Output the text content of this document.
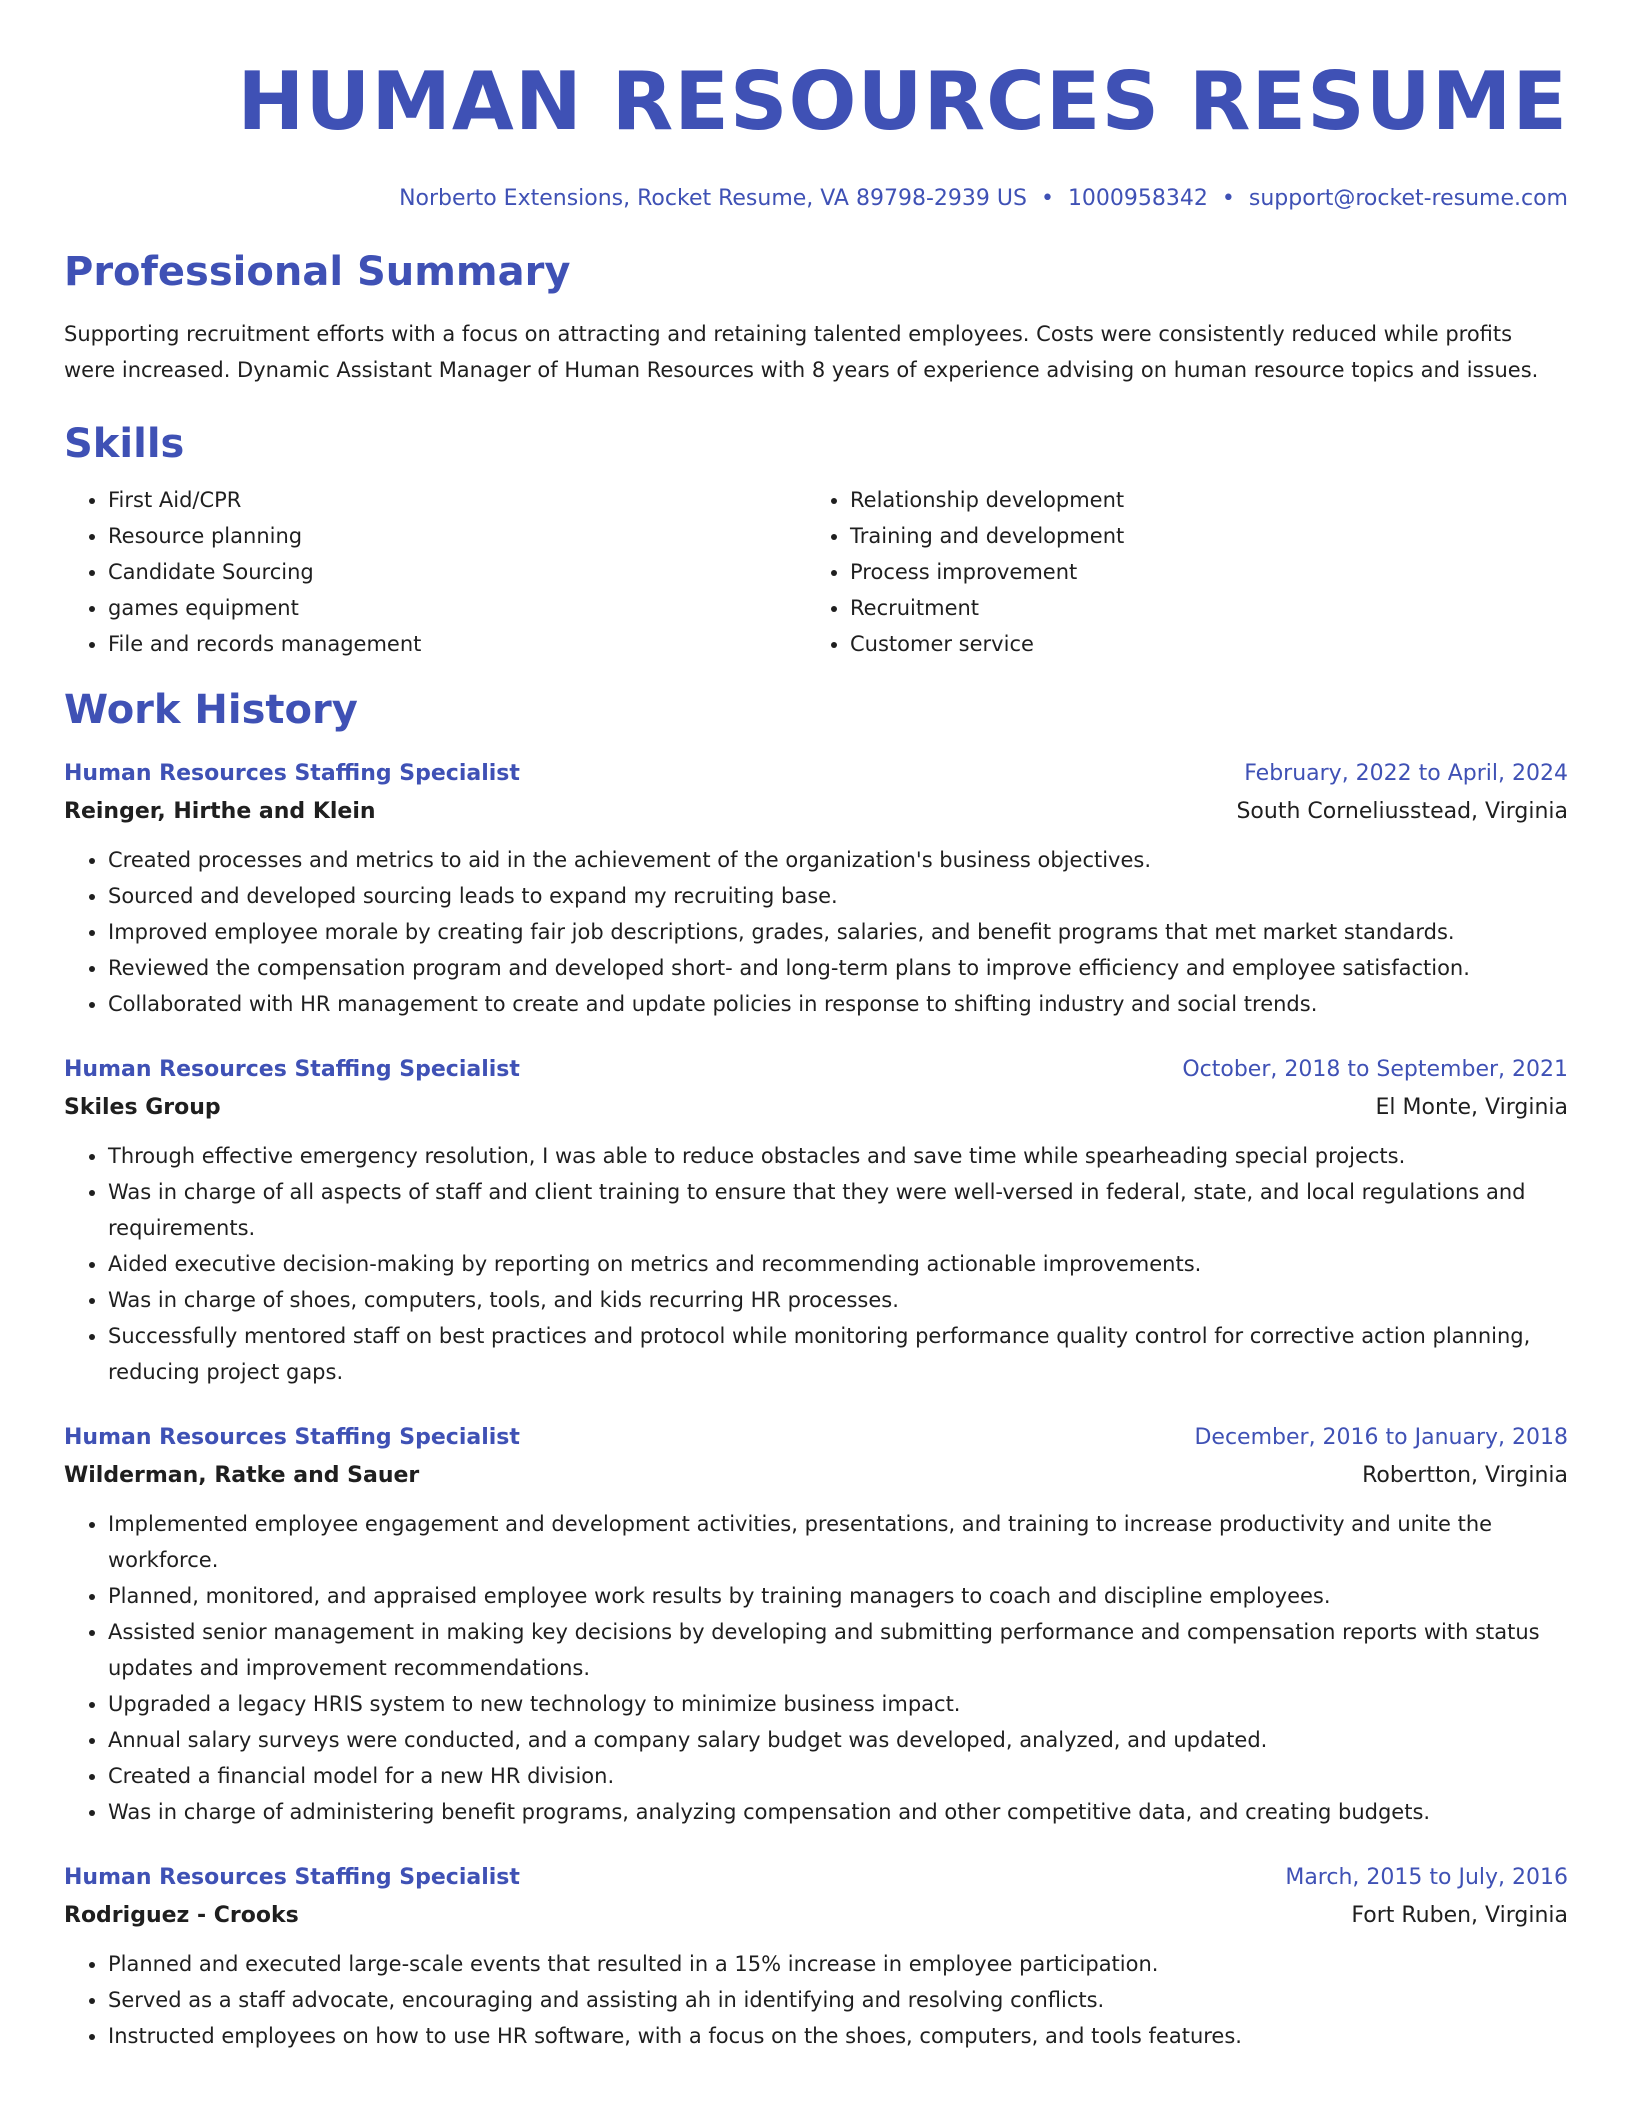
HUMAN RESOURCES RESUME
Norberto Extensions, Rocket Resume, VA 89798-2939 US • 1000958342 • support@rocket-resume.com
Professional Summary
Supporting recruitment efforts with a focus on attracting and retaining talented employees. Costs were consistently reduced while profits were increased. Dynamic Assistant Manager of Human Resources with 8 years of experience advising on human resource topics and issues.
Skills
• First Aid/CPR
• Resource planning
• Candidate Sourcing
• games equipment
• File and records management
• Relationship development
• Training and development
• Process improvement
• Recruitment
• Customer service
Work History
Human Resources Staffing Specialist	February, 2022 to April, 2024
Reinger, Hirthe and Klein	South Corneliusstead, Virginia
• Created processes and metrics to aid in the achievement of the organization's business objectives.
• Sourced and developed sourcing leads to expand my recruiting base.
• Improved employee morale by creating fair job descriptions, grades, salaries, and benefit programs that met market standards.
• Reviewed the compensation program and developed short- and long-term plans to improve efficiency and employee satisfaction.
• Collaborated with HR management to create and update policies in response to shifting industry and social trends.
Human Resources Staffing Specialist	October, 2018 to September, 2021
Skiles Group	El Monte, Virginia
• Through effective emergency resolution, I was able to reduce obstacles and save time while spearheading special projects.
• Was in charge of all aspects of staff and client training to ensure that they were well-versed in federal, state, and local regulations and requirements.
• Aided executive decision-making by reporting on metrics and recommending actionable improvements.
• Was in charge of shoes, computers, tools, and kids recurring HR processes.
• Successfully mentored staff on best practices and protocol while monitoring performance quality control for corrective action planning, reducing project gaps.
Human Resources Staffing Specialist	December, 2016 to January, 2018
Wilderman, Ratke and Sauer	Robertton, Virginia
• Implemented employee engagement and development activities, presentations, and training to increase productivity and unite the workforce.
• Planned, monitored, and appraised employee work results by training managers to coach and discipline employees.
• Assisted senior management in making key decisions by developing and submitting performance and compensation reports with status updates and improvement recommendations.
• Upgraded a legacy HRIS system to new technology to minimize business impact.
• Annual salary surveys were conducted, and a company salary budget was developed, analyzed, and updated.
• Created a financial model for a new HR division.
• Was in charge of administering benefit programs, analyzing compensation and other competitive data, and creating budgets.
Human Resources Staffing Specialist	March, 2015 to July, 2016
Rodriguez - Crooks	Fort Ruben, Virginia
• Planned and executed large-scale events that resulted in a 15% increase in employee participation.
• Served as a staff advocate, encouraging and assisting ah in identifying and resolving conflicts.
• Instructed employees on how to use HR software, with a focus on the shoes, computers, and tools features.
